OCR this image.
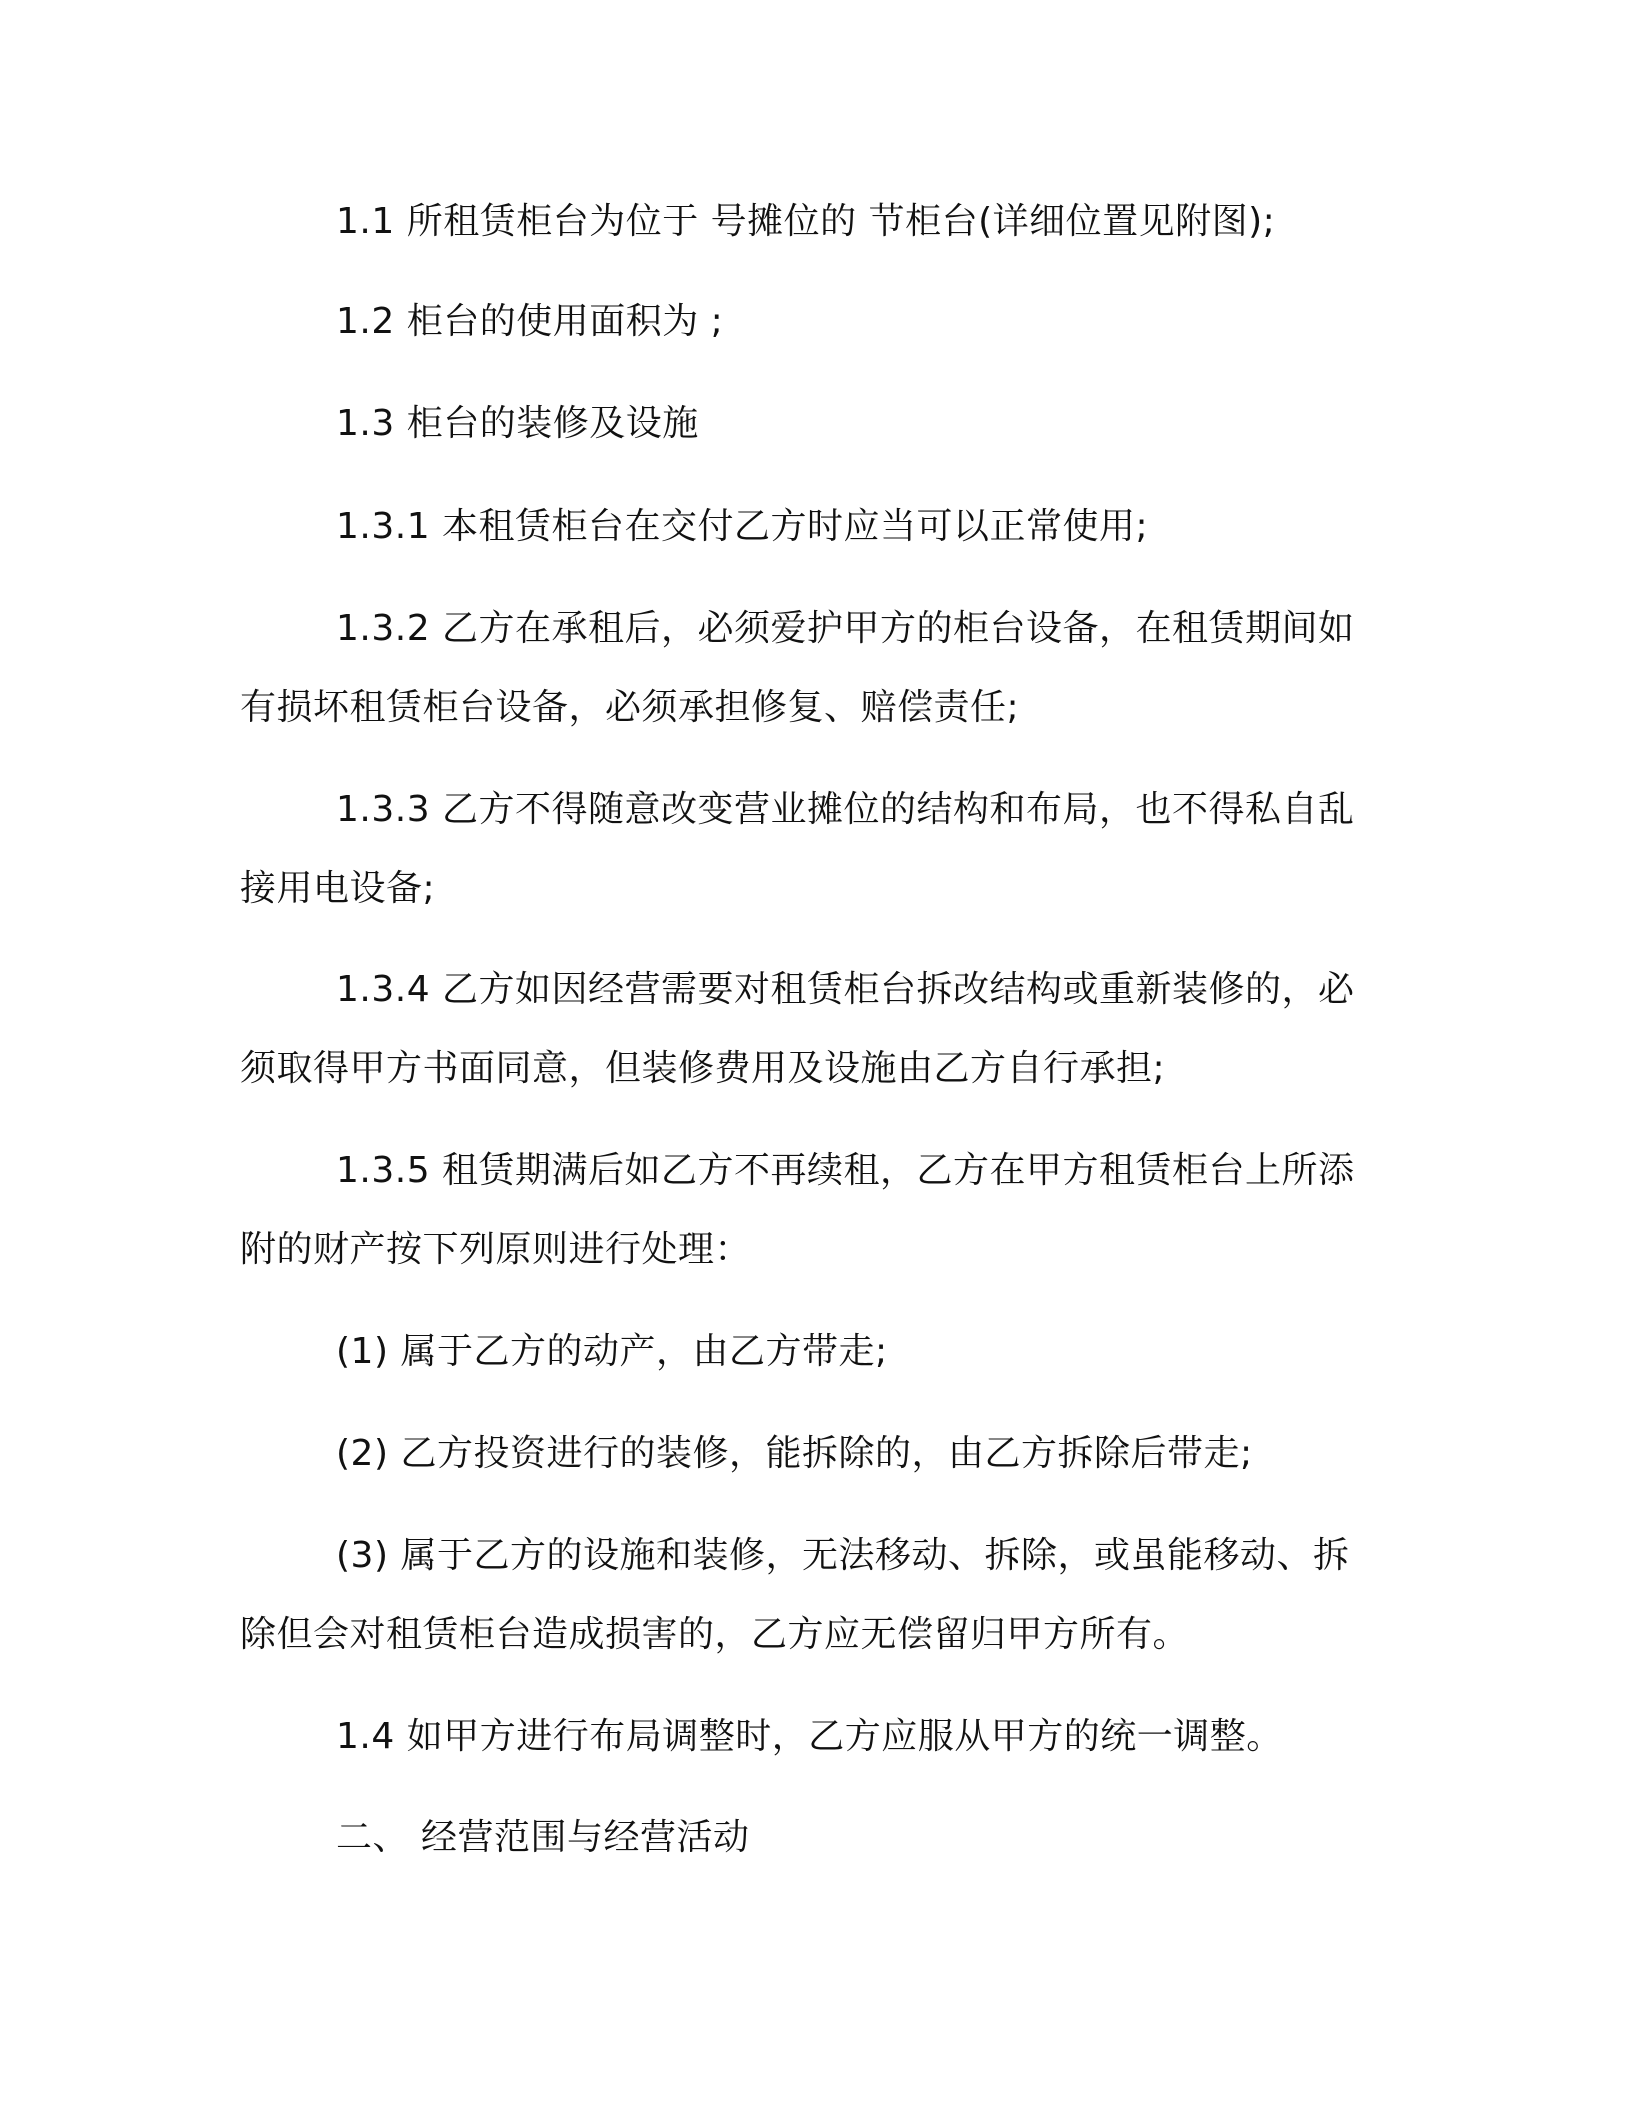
1.1 所租赁柜台为位于 号摊位的 节柜台(详细位置见附图);
1.2 柜台的使用面积为 ;
1.3 柜台的装修及设施
1.3.1 本租赁柜台在交付乙方时应当可以正常使用;
1.3.2 乙方在承租后，必须爱护甲方的柜台设备，在租赁期间如
有损坏租赁柜台设备，必须承担修复、赔偿责任;
1.3.3 乙方不得随意改变营业摊位的结构和布局，也不得私自乱
接用电设备;
1.3.4 乙方如因经营需要对租赁柜台拆改结构或重新装修的，必
须取得甲方书面同意，但装修费用及设施由乙方自行承担;
1.3.5 租赁期满后如乙方不再续租，乙方在甲方租赁柜台上所添
附的财产按下列原则进行处理：
(1) 属于乙方的动产，由乙方带走;
(2) 乙方投资进行的装修，能拆除的，由乙方拆除后带走;
(3) 属于乙方的设施和装修，无法移动、拆除，或虽能移动、拆
除但会对租赁柜台造成损害的，乙方应无偿留归甲方所有。
1.4 如甲方进行布局调整时，乙方应服从甲方的统一调整。
二、 经营范围与经营活动
